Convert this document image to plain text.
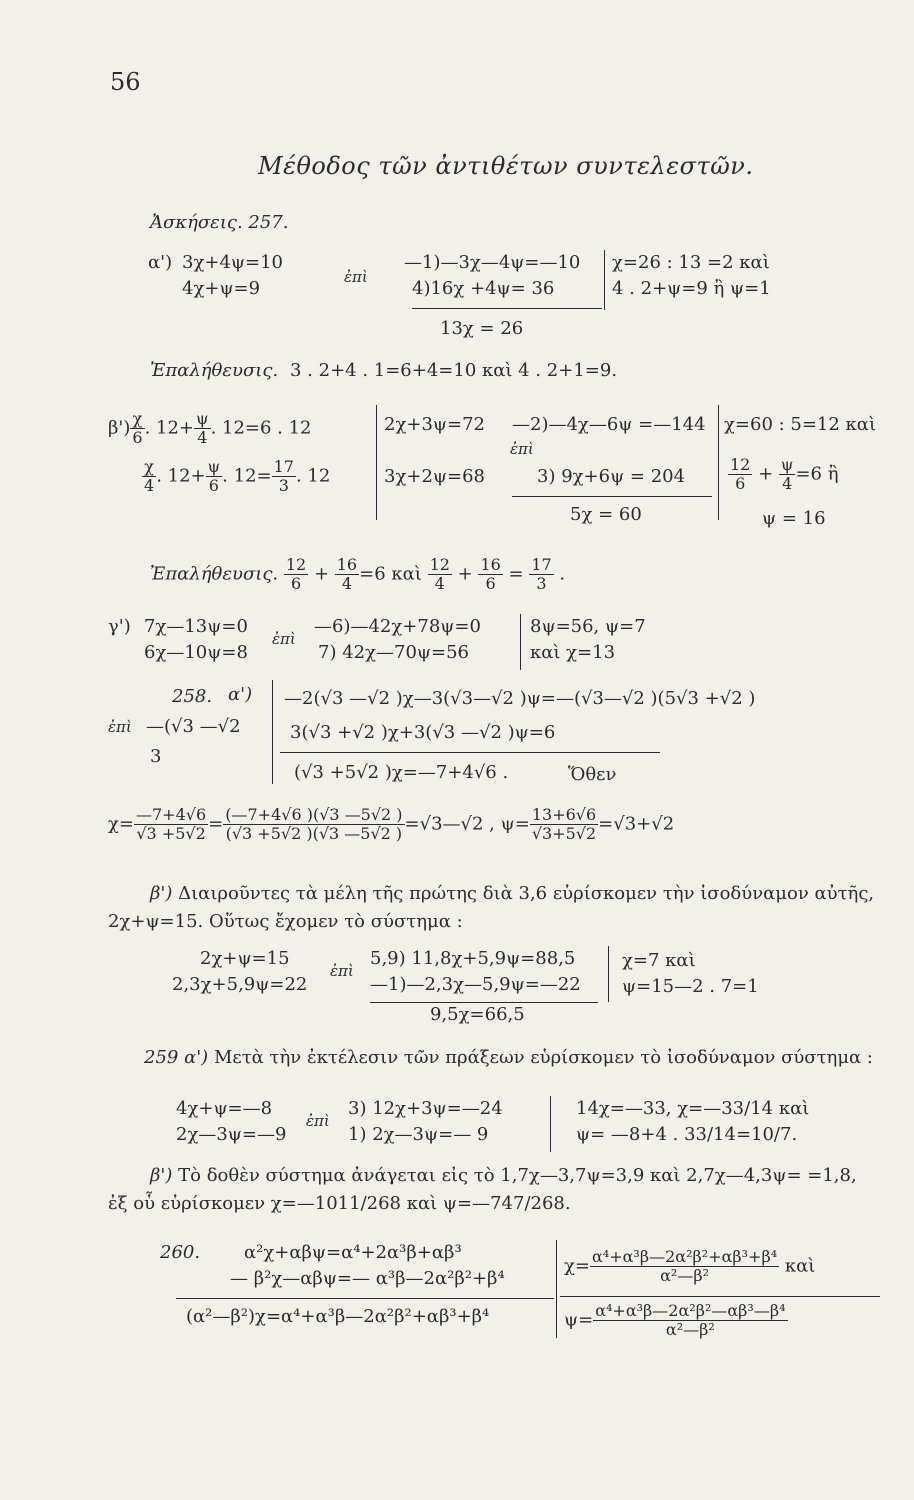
56
Μέθοδος τῶν ἀντιθέτων συντελεστῶν.
Ἀσκήσεις. 257.
α') 3χ+4ψ=10
4χ+ψ=9
ἐπὶ
—1)—3χ—4ψ=—10
4)16χ +4ψ= 36
13χ = 26
χ=26 : 13 =2 καὶ
4 . 2+ψ=9 ἢ ψ=1
Ἐπαλήθευσις. 3 . 2+4 . 1=6+4=10 καὶ 4 . 2+1=9.
$\beta') \frac{\chi}{6}$ . $12+ \frac{\psi}{4}$ . 12=6 . 12
$\frac{\chi}{4}$ . $12+ \frac{\psi}{6}$ . $12= \frac{17}{3}$ . 12
2χ+3ψ=72
3χ+2ψ=68
—2)—4χ—6ψ =—144
ἐπὶ
3) 9χ+6ψ = 204
5χ = 60
χ=60 : 5=12 καὶ
$\frac{12}{6} + \frac{\psi}{4} =6$ ἢ
ψ = 16
Ἐπαλήθευσις. $\frac{12}{6} + \frac{16}{4} =6$ καὶ $\frac{12}{4} + \frac{16}{6} = \frac{17}{3}$ .
γ') 7χ—13ψ=0
6χ—10ψ=8
ἐπὶ
—6)—42χ+78ψ=0
7) 42χ—70ψ=56
8ψ=56, ψ=7
καὶ χ=13
258. α')
ἐπὶ —(√3 —√2
3
—2(√3 —√2 )χ—3(√3—√2 )ψ=—(√3—√2 )(5√3 +√2 )
3(√3 +√2 )χ+3(√3 —√2 )ψ=6
(√3 +5√2 )χ=—7+4√6 .	Ὅθεν
$\chi= \frac{—7+4√6}{√3 +5√2} = \frac{(—7+4√6 )(√3 —5√2 )}{(√3 +5√2 )(√3 —5√2 )}$ =√3—√2 , $\psi= \frac{13+6√6}{√3+5√2} =√3+√2$
β') Διαιροῦντες τὰ μέλη τῆς πρώτης διὰ 3,6 εὑρίσκομεν τὴν ἰσοδύναμον αὐτῆς, 2χ+ψ=15. Οὕτως ἔχομεν τὸ σύστημα :
2χ+ψ=15
2,3χ+5,9ψ=22
ἐπὶ
5,9) 11,8χ+5,9ψ=88,5
—1)—2,3χ—5,9ψ=—22
9,5χ=66,5
χ=7 καὶ
ψ=15—2 . 7=1
259 α') Μετὰ τὴν ἐκτέλεσιν τῶν πράξεων εὑρίσκομεν τὸ ἰσοδύναμον σύστημα :
4χ+ψ=—8
2χ—3ψ=—9
ἐπὶ
3) 12χ+3ψ=—24
1) 2χ—3ψ=— 9
14χ=—33, χ=—33/14 καὶ
ψ= —8+4 . 33/14=10/7.
β') Τὸ δοθὲν σύστημα ἀνάγεται εἰς τὸ 1,7χ—3,7ψ=3,9 καὶ 2,7χ—4,3ψ= =1,8, ἐξ οὗ εὑρίσκομεν χ=—1011/268 καὶ ψ=—747/268.
260. α²χ+αβψ=α⁴+2α³β+αβ³
— β²χ—αβψ=— α³β—2α²β²+β⁴
(α²—β²)χ=α⁴+α³β—2α²β²+αβ³+β⁴
$\chi= \frac{\text{α⁴+α³β—2α²β²+αβ³+β⁴}}{\text{α²—β²}}$ καὶ
$\psi= \frac{\text{α⁴+α³β—2α²β²—αβ³—β⁴}}{\text{α²—β²}}$
